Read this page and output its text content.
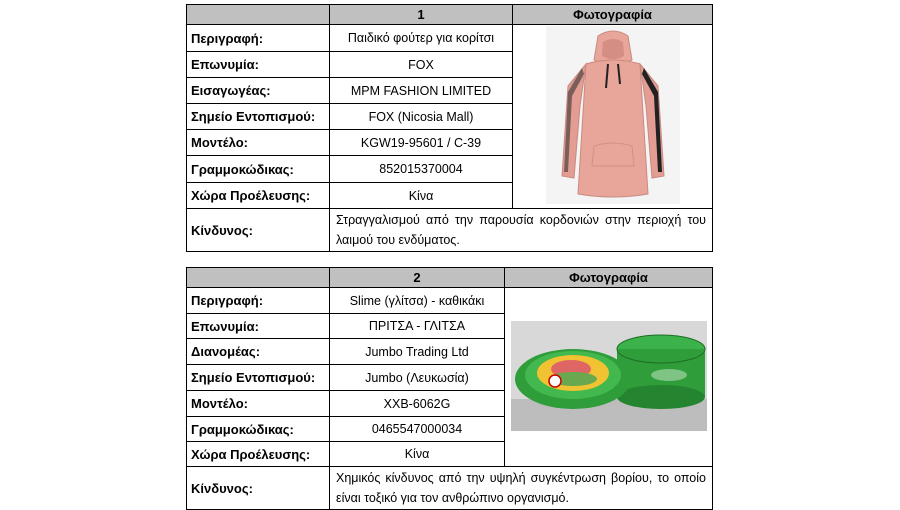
	1	Φωτογραφία
Περιγραφή:	Παιδικό φούτερ για κορίτσι	
Επωνυμία:	FOX	
Εισαγωγέας:	MPM FASHION LIMITED	
Σημείο Εντοπισμού:	FOX (Nicosia Mall)	
Μοντέλο:	KGW19-95601 / C-39	
Γραμμοκώδικας:	852015370004	
Χώρα Προέλευσης:	Κίνα	
Κίνδυνος:	Στραγγαλισμού από την παρουσία κορδονιών στην περιοχή του λαιμού του ενδύματος.	
	2	Φωτογραφία
Περιγραφή:	Slime (γλίτσα) - καθικάκι	
Επωνυμία:	ΠΡΙΤΣΑ - ΓΛΙΤΣΑ	
Διανομέας:	Jumbo Trading Ltd	
Σημείο Εντοπισμού:	Jumbo (Λευκωσία)	
Μοντέλο:	XXB-6062G	
Γραμμοκώδικας:	0465547000034	
Χώρα Προέλευσης:	Κίνα	
Κίνδυνος:	Χημικός κίνδυνος από την υψηλή συγκέντρωση βορίου, το οποίο είναι τοξικό για τον ανθρώπινο οργανισμό.	
